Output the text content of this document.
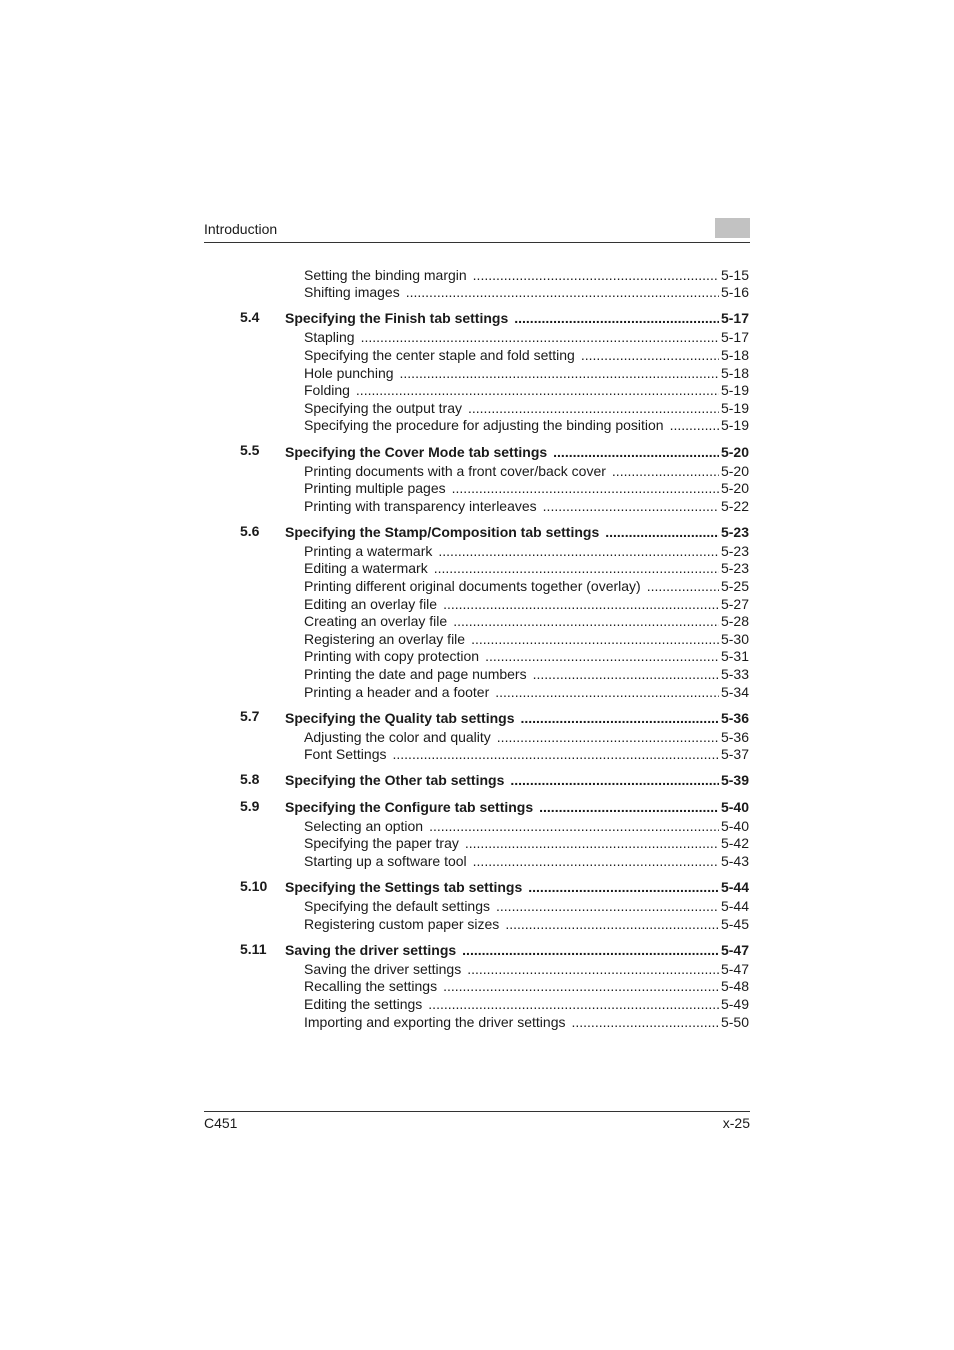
Introduction
Setting the binding margin .....	5-15
Shifting images .....	5-16
5.4	Specifying the Finish tab settings .....	5-17
Stapling .....	5-17
Specifying the center staple and fold setting .....	5-18
Hole punching .....	5-18
Folding .....	5-19
Specifying the output tray .....	5-19
Specifying the procedure for adjusting the binding position .....	5-19
5.5	Specifying the Cover Mode tab settings .....	5-20
Printing documents with a front cover/back cover .....	5-20
Printing multiple pages .....	5-20
Printing with transparency interleaves .....	5-22
5.6	Specifying the Stamp/Composition tab settings .....	5-23
Printing a watermark .....	5-23
Editing a watermark .....	5-23
Printing different original documents together (overlay) .....	5-25
Editing an overlay file .....	5-27
Creating an overlay file .....	5-28
Registering an overlay file .....	5-30
Printing with copy protection .....	5-31
Printing the date and page numbers .....	5-33
Printing a header and a footer .....	5-34
5.7	Specifying the Quality tab settings .....	5-36
Adjusting the color and quality .....	5-36
Font Settings .....	5-37
5.8	Specifying the Other tab settings .....	5-39
5.9	Specifying the Configure tab settings .....	5-40
Selecting an option .....	5-40
Specifying the paper tray .....	5-42
Starting up a software tool .....	5-43
5.10	Specifying the Settings tab settings .....	5-44
Specifying the default settings .....	5-44
Registering custom paper sizes .....	5-45
5.11	Saving the driver settings .....	5-47
Saving the driver settings .....	5-47
Recalling the settings .....	5-48
Editing the settings .....	5-49
Importing and exporting the driver settings .....	5-50
C451	x-25
